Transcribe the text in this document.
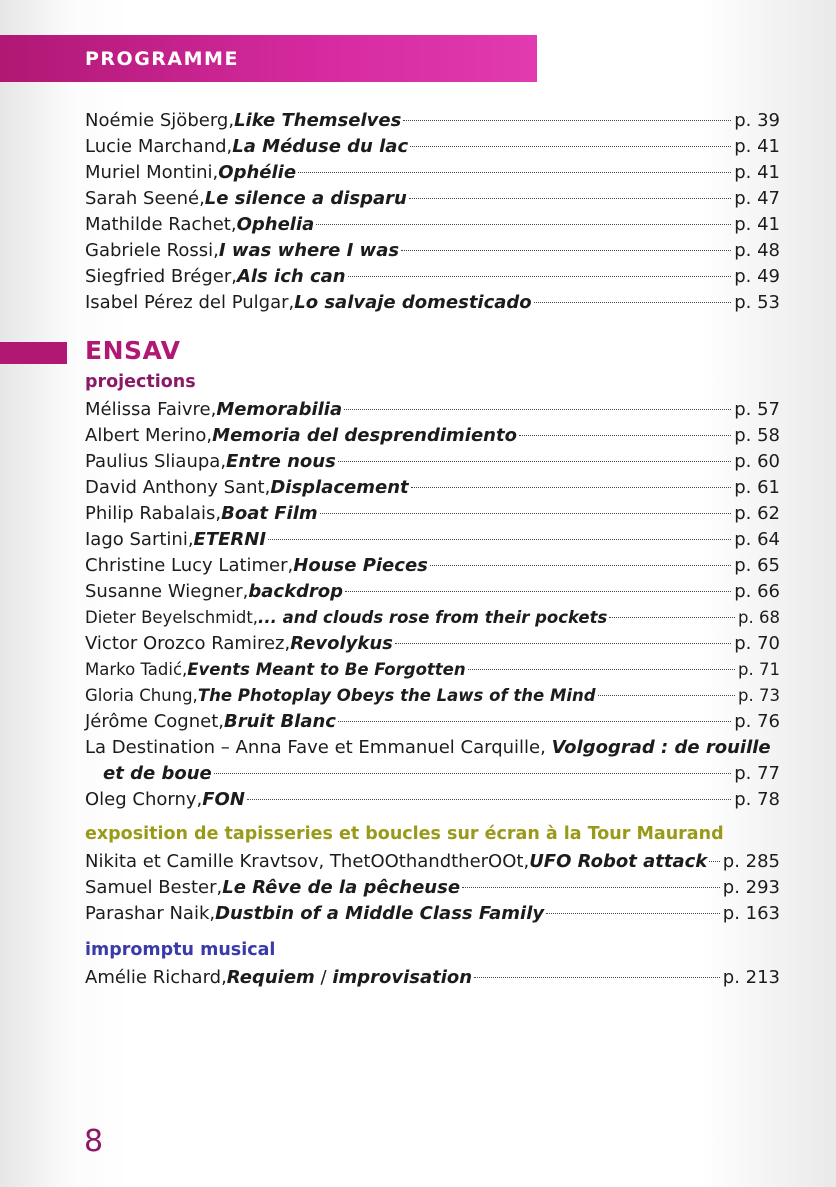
PROGRAMME
Noémie Sjöberg, Like Themselves	p. 39
Lucie Marchand, La Méduse du lac	p. 41
Muriel Montini, Ophélie	p. 41
Sarah Seené, Le silence a disparu	p. 47
Mathilde Rachet, Ophelia	p. 41
Gabriele Rossi, I was where I was	p. 48
Siegfried Bréger, Als ich can	p. 49
Isabel Pérez del Pulgar, Lo salvaje domesticado	p. 53
ENSAV
projections
Mélissa Faivre, Memorabilia	p. 57
Albert Merino, Memoria del desprendimiento	p. 58
Paulius Sliaupa, Entre nous	p. 60
David Anthony Sant, Displacement	p. 61
Philip Rabalais, Boat Film	p. 62
Iago Sartini, ETERNI	p. 64
Christine Lucy Latimer, House Pieces	p. 65
Susanne Wiegner, backdrop	p. 66
Dieter Beyelschmidt, ... and clouds rose from their pockets	p. 68
Victor Orozco Ramirez, Revolykus	p. 70
Marko Tadić, Events Meant to Be Forgotten	p. 71
Gloria Chung, The Photoplay Obeys the Laws of the Mind	p. 73
Jérôme Cognet, Bruit Blanc	p. 76
La Destination – Anna Fave et Emmanuel Carquille, Volgograd : de rouille
et de boue	p. 77
Oleg Chorny, FON	p. 78
exposition de tapisseries et boucles sur écran à la Tour Maurand
Nikita et Camille Kravtsov, ThetOOthandtherOOt, UFO Robot attack p. 285
Samuel Bester, Le Rêve de la pêcheuse	p. 293
Parashar Naik, Dustbin of a Middle Class Family	p. 163
impromptu musical
Amélie Richard, Requiem / improvisation	p. 213
8
